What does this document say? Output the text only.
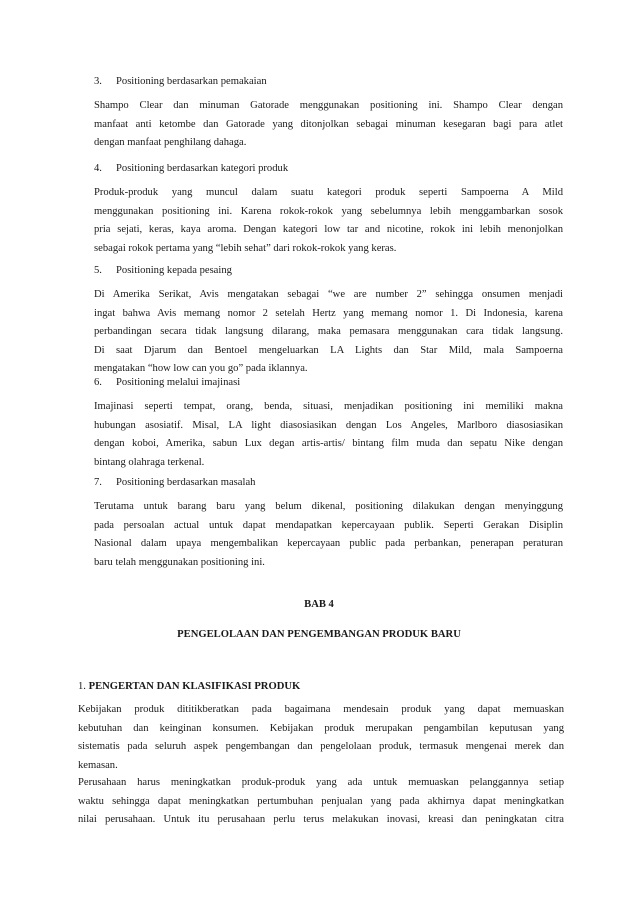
3. Positioning berdasarkan pemakaian
Shampo Clear dan minuman Gatorade menggunakan positioning ini. Shampo Clear dengan
manfaat anti ketombe dan Gatorade yang ditonjolkan sebagai minuman kesegaran bagi para atlet
dengan manfaat penghilang dahaga.
4. Positioning berdasarkan kategori produk
Produk-produk yang muncul dalam suatu kategori produk seperti Sampoerna A Mild
menggunakan positioning ini. Karena rokok-rokok yang sebelumnya lebih menggambarkan sosok
pria sejati, keras, kaya aroma. Dengan kategori low tar and nicotine, rokok ini lebih menonjolkan
sebagai rokok pertama yang “lebih sehat” dari rokok-rokok yang keras.
5. Positioning kepada pesaing
Di Amerika Serikat, Avis mengatakan sebagai “we are number 2” sehingga onsumen menjadi
ingat bahwa Avis memang nomor 2 setelah Hertz yang memang nomor 1. Di Indonesia, karena
perbandingan secara tidak langsung dilarang, maka pemasara menggunakan cara tidak langsung.
Di saat Djarum dan Bentoel mengeluarkan LA Lights dan Star Mild, mala Sampoerna
mengatakan “how low can you go” pada iklannya.
6. Positioning melalui imajinasi
Imajinasi seperti tempat, orang, benda, situasi, menjadikan positioning ini memiliki makna
hubungan asosiatif. Misal, LA light diasosiasikan dengan Los Angeles, Marlboro diasosiasikan
dengan koboi, Amerika, sabun Lux degan artis-artis/ bintang film muda dan sepatu Nike dengan
bintang olahraga terkenal.
7. Positioning berdasarkan masalah
Terutama untuk barang baru yang belum dikenal, positioning dilakukan dengan menyinggung
pada persoalan actual untuk dapat mendapatkan kepercayaan publik. Seperti Gerakan Disiplin
Nasional dalam upaya mengembalikan kepercayaan public pada perbankan, penerapan peraturan
baru telah menggunakan positioning ini.
BAB 4
PENGELOLAAN DAN PENGEMBANGAN PRODUK BARU
1. PENGERTAN DAN KLASIFIKASI PRODUK
Kebijakan produk dititikberatkan pada bagaimana mendesain produk yang dapat memuaskan
kebutuhan dan keinginan konsumen. Kebijakan produk merupakan pengambilan keputusan yang
sistematis pada seluruh aspek pengembangan dan pengelolaan produk, termasuk mengenai merek dan
kemasan.
Perusahaan harus meningkatkan produk-produk yang ada untuk memuaskan pelanggannya setiap
waktu sehingga dapat meningkatkan pertumbuhan penjualan yang pada akhirnya dapat meningkatkan
nilai perusahaan. Untuk itu perusahaan perlu terus melakukan inovasi, kreasi dan peningkatan citra
